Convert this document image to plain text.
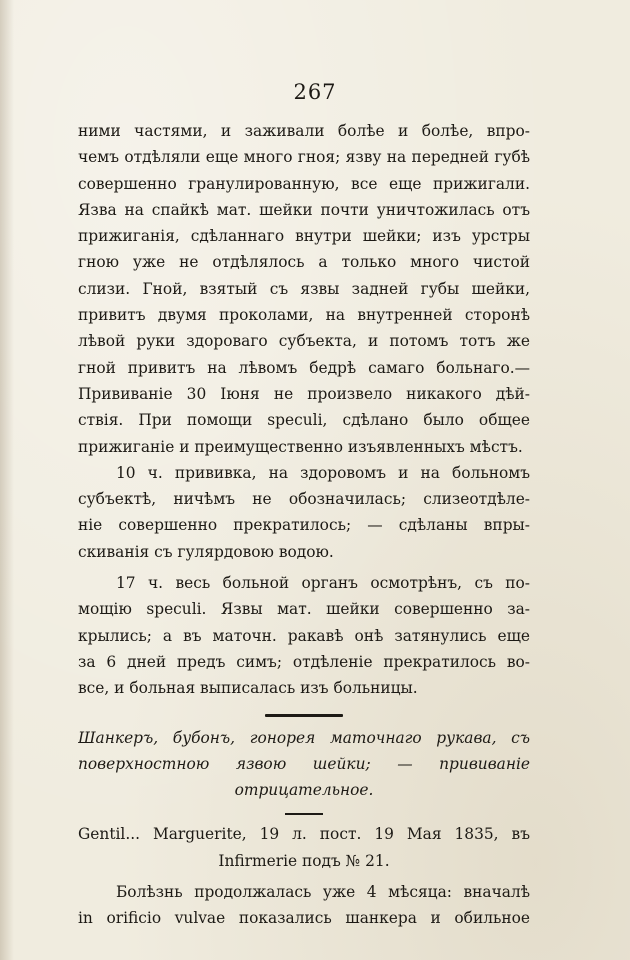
267
ними частями, и заживали болѣе и болѣе, впро-
чемъ отдѣляли еще много гноя; язву на передней губѣ
совершенно гранулированную, все еще прижигали.
Язва на спайкѣ мат. шейки почти уничтожилась отъ
прижиганія, сдѣланнаго внутри шейки; изъ урстры
гною уже не отдѣлялось а только много чистой
слизи. Гной, взятый съ язвы задней губы шейки,
привитъ двумя проколами, на внутренней сторонѣ
лѣвой руки здороваго субъекта, и потомъ тотъ же
гной привитъ на лѣвомъ бедрѣ самаго больнаго.—
Прививаніе 30 Іюня не произвело никакого дѣй-
ствія. При помощи speculi, сдѣлано было общее
прижиганіе и преимущественно изъявленныхъ мѣстъ.
10 ч. прививка, на здоровомъ и на больномъ
субъектѣ, ничѣмъ не обозначилась; слизеотдѣле-
ніе совершенно прекратилось; — сдѣланы впры-
скиванія съ гулярдовою водою.
17 ч. весь больной органъ осмотрѣнъ, съ по-
мощію speculi. Язвы мат. шейки совершенно за-
крылись; а въ маточн. ракавѣ онѣ затянулись еще
за 6 дней предъ симъ; отдѣленіе прекратилось во-
все, и больная выписалась изъ больницы.
Шанкеръ, бубонъ, гонорея маточнаго рукава, съ
поверхностною язвою шейки; — прививаніе
отрицательное.
Gentil... Marguerite, 19 л. пост. 19 Мая 1835, въ
Infirmerie подъ № 21.
Болѣзнь продолжалась уже 4 мѣсяца: вначалѣ
in orificio vulvae показались шанкера и обильное
